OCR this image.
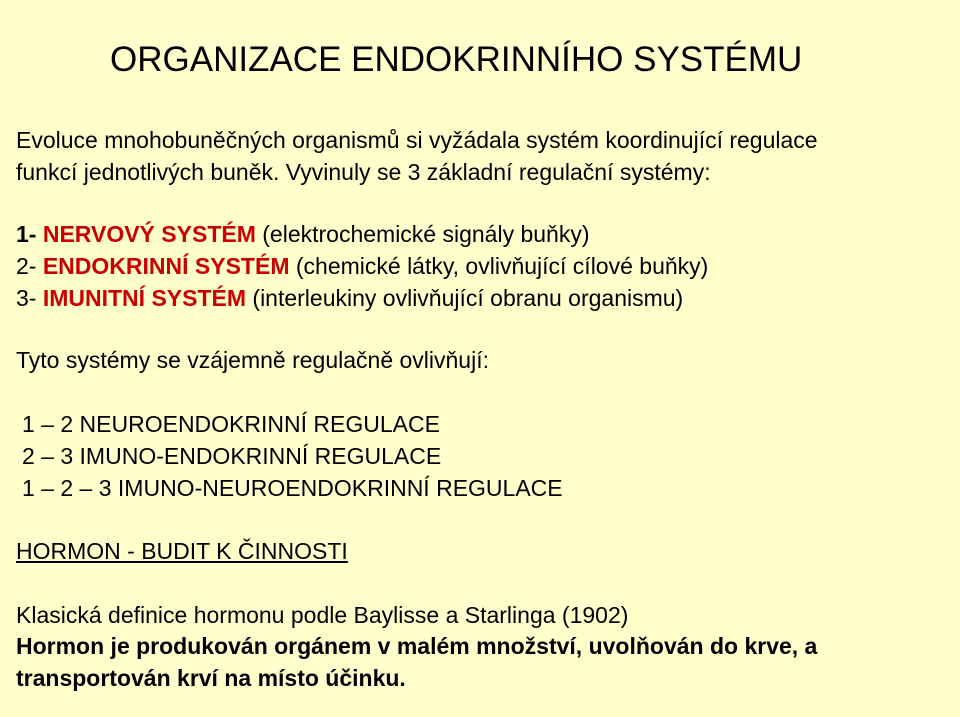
ORGANIZACE ENDOKRINNÍHO SYSTÉMU
Evoluce mnohobuněčných organismů si vyžádala systém koordinující regulace
funkcí jednotlivých buněk. Vyvinuly se 3 základní regulační systémy:
1- NERVOVÝ SYSTÉM (elektrochemické signály buňky)
2- ENDOKRINNÍ SYSTÉM (chemické látky, ovlivňující cílové buňky)
3- IMUNITNÍ SYSTÉM (interleukiny ovlivňující obranu organismu)
Tyto systémy se vzájemně regulačně ovlivňují:
1 – 2 NEUROENDOKRINNÍ REGULACE
2 – 3 IMUNO-ENDOKRINNÍ REGULACE
1 – 2 – 3 IMUNO-NEUROENDOKRINNÍ REGULACE
HORMON - BUDIT K ČINNOSTI
Klasická definice hormonu podle Baylisse a Starlinga (1902)
Hormon je produkován orgánem v malém množství, uvolňován do krve, a
transportován krví na místo účinku.
